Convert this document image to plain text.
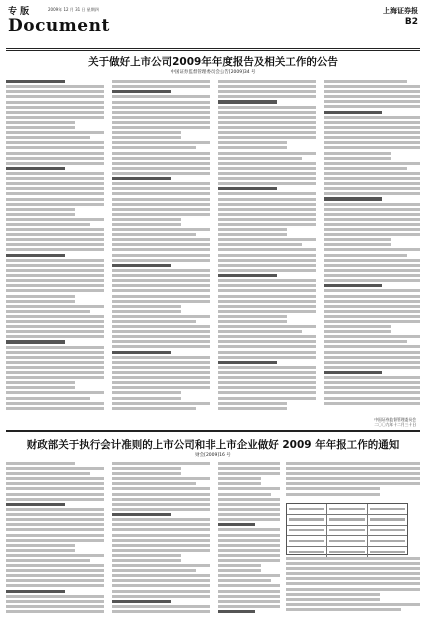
专 版	2009年 12 月 31 日 星期四
Document
上海证券报
B2
关于做好上市公司2009年年度报告及相关工作的公告
中国证券监督管理委员会公告[2009]34 号
中国证券监督管理委员会
二〇〇九年十二月三十日
财政部关于执行会计准则的上市公司和非上市企业做好 2009 年年报工作的通知
财会[2009]16 号
